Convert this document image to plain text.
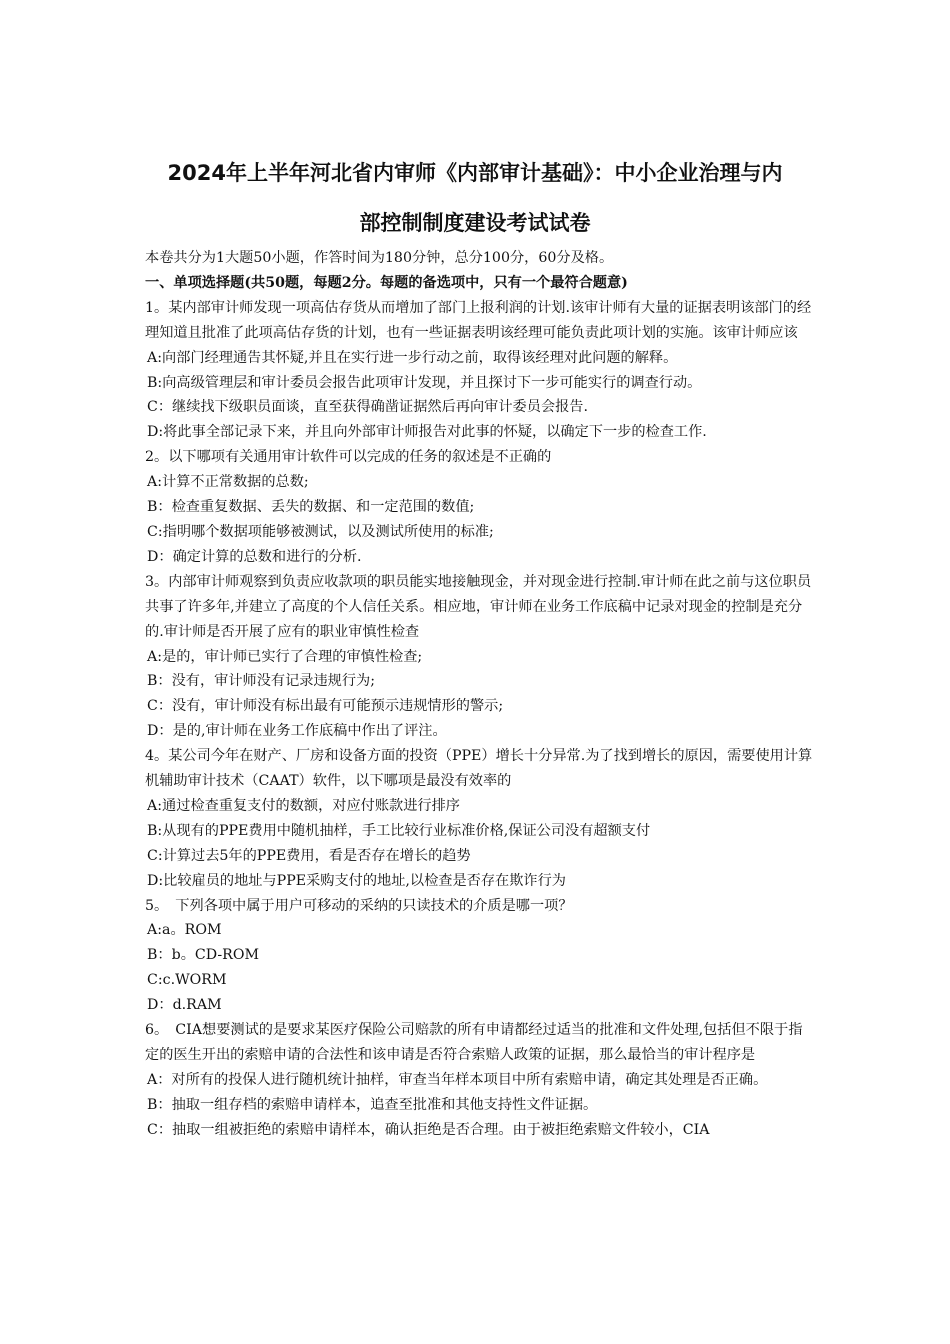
2024年上半年河北省内审师《内部审计基础》：中小企业治理与内
部控制制度建设考试试卷

本卷共分为1大题50小题，作答时间为180分钟，总分100分，60分及格。

一、单项选择题(共50题，每题2分。每题的备选项中，只有一个最符合题意)

1。某内部审计师发现一项高估存货从而增加了部门上报利润的计划.该审计师有大量的证据表明该部门的经理知道且批准了此项高估存货的计划，也有一些证据表明该经理可能负责此项计划的实施。该审计师应该

A:向部门经理通告其怀疑,并且在实行进一步行动之前，取得该经理对此问题的解释。

B:向高级管理层和审计委员会报告此项审计发现，并且探讨下一步可能实行的调查行动。

C：继续找下级职员面谈，直至获得确凿证据然后再向审计委员会报告.

D:将此事全部记录下来，并且向外部审计师报告对此事的怀疑，以确定下一步的检查工作.

2。以下哪项有关通用审计软件可以完成的任务的叙述是不正确的

A:计算不正常数据的总数;

B：检查重复数据、丢失的数据、和一定范围的数值;

C:指明哪个数据项能够被测试，以及测试所使用的标准;

D：确定计算的总数和进行的分析.

3。内部审计师观察到负责应收款项的职员能实地接触现金，并对现金进行控制.审计师在此之前与这位职员共事了许多年,并建立了高度的个人信任关系。相应地，审计师在业务工作底稿中记录对现金的控制是充分的.审计师是否开展了应有的职业审慎性检查

A:是的，审计师已实行了合理的审慎性检查;

B：没有，审计师没有记录违规行为;

C：没有，审计师没有标出最有可能预示违规情形的警示;

D：是的,审计师在业务工作底稿中作出了评注。

4。某公司今年在财产、厂房和设备方面的投资（PPE）增长十分异常.为了找到增长的原因，需要使用计算机辅助审计技术（CAAT）软件，以下哪项是最没有效率的

A:通过检查重复支付的数额，对应付账款进行排序

B:从现有的PPE费用中随机抽样，手工比较行业标准价格,保证公司没有超额支付

C:计算过去5年的PPE费用，看是否存在增长的趋势

D:比较雇员的地址与PPE采购支付的地址,以检查是否存在欺诈行为

5。　下列各项中属于用户可移动的采纳的只读技术的介质是哪一项？

A:a。ROM

B：b。CD-ROM

C:c.WORM

D：d.RAM

6。　CIA想要测试的是要求某医疗保险公司赔款的所有申请都经过适当的批准和文件处理,包括但不限于指定的医生开出的索赔申请的合法性和该申请是否符合索赔人政策的证据，那么最恰当的审计程序是

A：对所有的投保人进行随机统计抽样，审查当年样本项目中所有索赔申请，确定其处理是否正确。

B：抽取一组存档的索赔申请样本，追查至批准和其他支持性文件证据。

C：抽取一组被拒绝的索赔申请样本，确认拒绝是否合理。由于被拒绝索赔文件较小，CIA
